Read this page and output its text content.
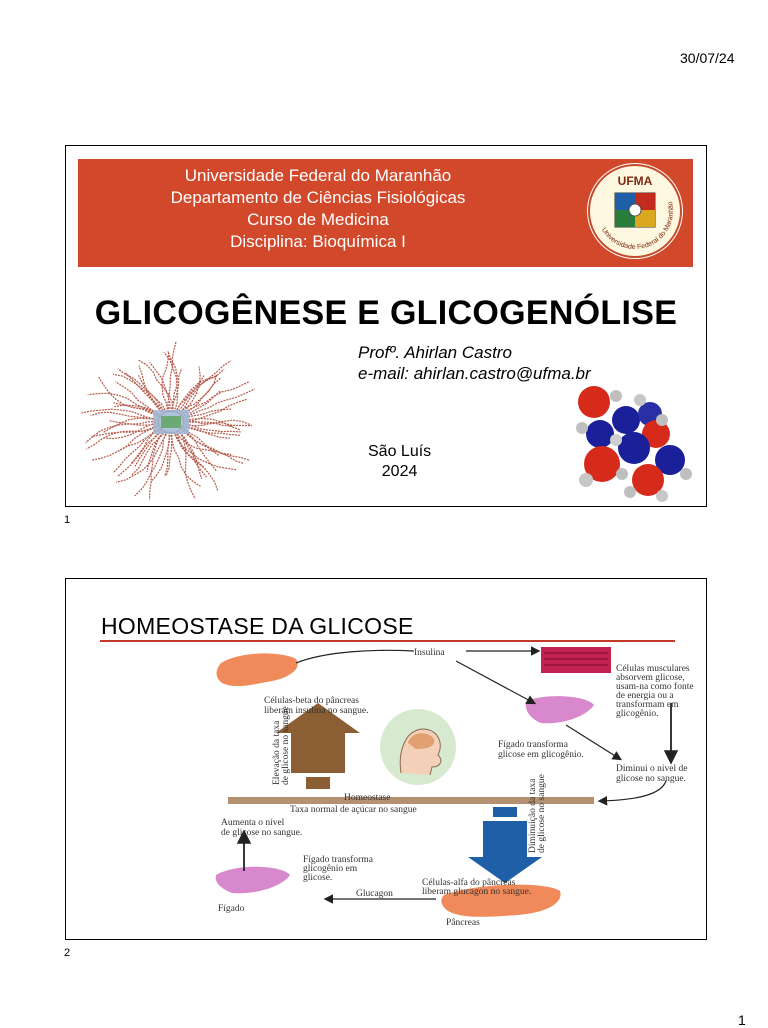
30/07/24
Universidade Federal do Maranhão
Departamento de Ciências Fisiológicas
Curso de Medicina
Disciplina: Bioquímica I
UFMA
Universidade Federal do Maranhão
GLICOGÊNESE E GLICOGENÓLISE
Profº. Ahirlan Castro
e-mail: ahirlan.castro@ufma.br
São Luís
2024
1
HOMEOSTASE DA GLICOSE
Insulina
Células-beta do pâncreas liberam insulina no sangue.
Células musculares absorvem glicose, usam-na como fonte de energia ou a transformam em glicogênio.
Fígado transforma glicose em glicogênio.
Diminui o nível de glicose no sangue.
Elevação da taxade glicose no sangue
Homeostase
Taxa normal de açúcar no sangue	Diminuição da taxade glicose no sangue
Aumenta o nível de glicose no sangue.
Fígado transforma glicogênio em glicose.	Células-alfa do pâncreas liberam glucagon no sangue.
Fígado
Glucagon
Pâncreas
2
1
